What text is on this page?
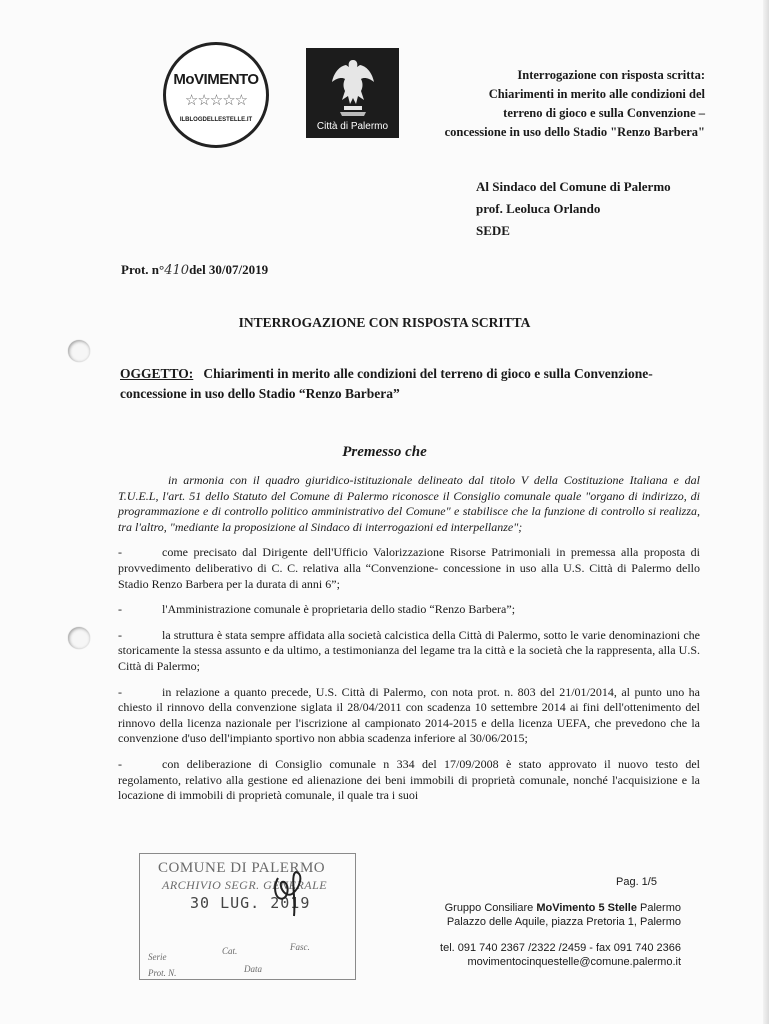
MoVIMENTO
☆☆☆☆☆
ILBLOGDELLESTELLE.IT
Città di Palermo
Interrogazione con risposta scritta:
Chiarimenti in merito alle condizioni del
terreno di gioco e sulla Convenzione –
concessione in uso dello Stadio "Renzo Barbera"
Al Sindaco del Comune di Palermo
prof. Leoluca Orlando
SEDE
Prot. n°410del 30/07/2019
INTERROGAZIONE CON RISPOSTA SCRITTA
OGGETTO: Chiarimenti in merito alle condizioni del terreno di gioco e sulla Convenzione-concessione in uso dello Stadio “Renzo Barbera”
Premesso che

in armonia con il quadro giuridico-istituzionale delineato dal titolo V della Costituzione Italiana e dal T.U.E.L, l'art. 51 dello Statuto del Comune di Palermo riconosce il Consiglio comunale quale "organo di indirizzo, di programmazione e di controllo politico amministrativo del Comune" e stabilisce che la funzione di controllo si realizza, tra l'altro, "mediante la proposizione al Sindaco di interrogazioni ed interpellanze";

-	come precisato dal Dirigente dell'Ufficio Valorizzazione Risorse Patrimoniali in premessa alla proposta di provvedimento deliberativo di C. C. relativa alla “Convenzione- concessione in uso alla U.S. Città di Palermo dello Stadio Renzo Barbera per la durata di anni 6”;

-	l'Amministrazione comunale è proprietaria dello stadio “Renzo Barbera”;

-	la struttura è stata sempre affidata alla società calcistica della Città di Palermo, sotto le varie denominazioni che storicamente la stessa assunto e da ultimo, a testimonianza del legame tra la città e la società che la rappresenta, alla U.S. Città di Palermo;

-	in relazione a quanto precede, U.S. Città di Palermo, con nota prot. n. 803 del 21/01/2014, al punto uno ha chiesto il rinnovo della convenzione siglata il 28/04/2011 con scadenza 10 settembre 2014 ai fini dell'ottenimento del rinnovo della licenza nazionale per l'iscrizione al campionato 2014-2015 e della licenza UEFA, che prevedono che la convenzione d'uso dell'impianto sportivo non abbia scadenza inferiore al 30/06/2015;

-	con deliberazione di Consiglio comunale n 334 del 17/09/2008 è stato approvato il nuovo testo del regolamento, relativo alla gestione ed alienazione dei beni immobili di proprietà comunale, nonché l'acquisizione e la locazione di immobili di proprietà comunale, il quale tra i suoi

COMUNE DI PALERMO
ARCHIVIO SEGR. GENERALE
30 LUG. 2019
Serie
Cat.	Fasc.
Prot. N.	Data
Pag. 1/5
Gruppo Consiliare MoVimento 5 Stelle Palermo
Palazzo delle Aquile, piazza Pretoria 1, Palermo
tel. 091 740 2367 /2322 /2459 - fax 091 740 2366
movimentocinquestelle@comune.palermo.it
